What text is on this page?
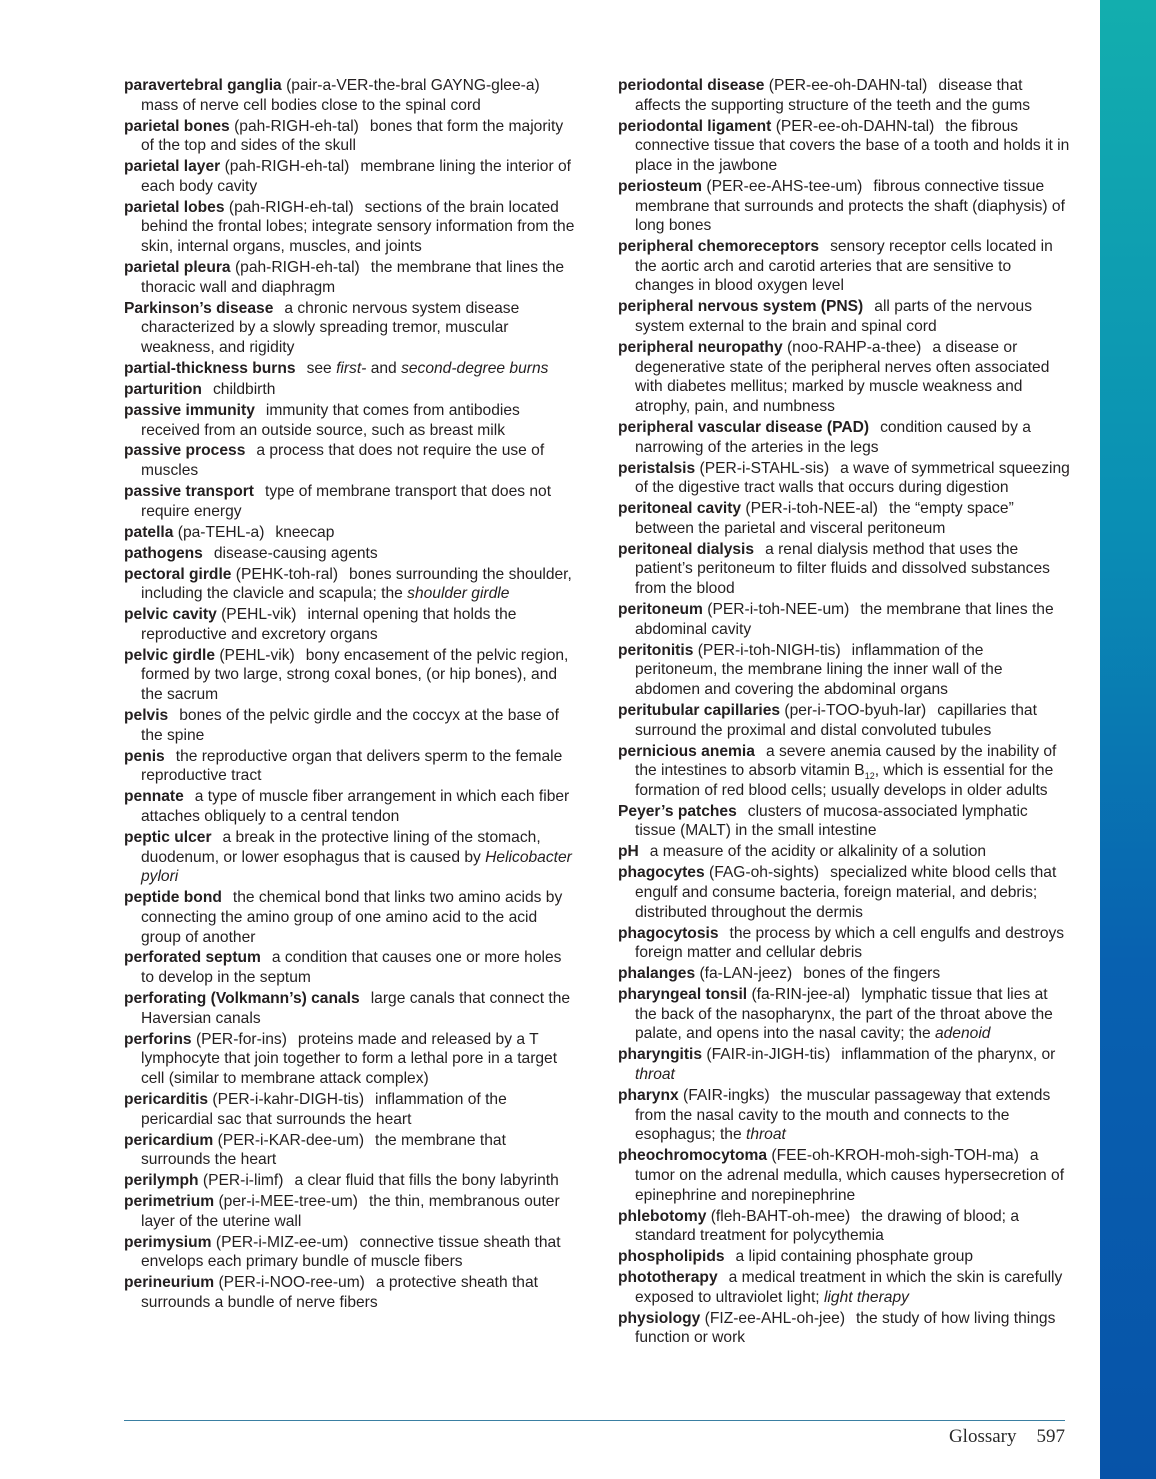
paravertebral ganglia (pair-a-VER-the-bral GAYNG-glee-a)mass of nerve cell bodies close to the spinal cord

parietal bones (pah-RIGH-eh-tal) bones that form the majority of the top and sides of the skull

parietal layer (pah-RIGH-eh-tal) membrane lining the interior of each body cavity

parietal lobes (pah-RIGH-eh-tal) sections of the brain located behind the frontal lobes; integrate sensory information from the skin, internal organs, muscles, and joints

parietal pleura (pah-RIGH-eh-tal) the membrane that lines the thoracic wall and diaphragm

Parkinson’s disease a chronic nervous system disease characterized by a slowly spreading tremor, muscular weakness, and rigidity

partial-thickness burns see first- and second-degree burns

parturition childbirth

passive immunity immunity that comes from antibodies received from an outside source, such as breast milk

passive process a process that does not require the use of muscles

passive transport type of membrane transport that does not require energy

patella (pa-TEHL-a) kneecap

pathogens disease-causing agents

pectoral girdle (PEHK-toh-ral) bones surrounding the shoulder, including the clavicle and scapula; the shoulder girdle

pelvic cavity (PEHL-vik) internal opening that holds the reproductive and excretory organs

pelvic girdle (PEHL-vik) bony encasement of the pelvic region, formed by two large, strong coxal bones, (or hip bones), and the sacrum

pelvis bones of the pelvic girdle and the coccyx at the base of the spine

penis the reproductive organ that delivers sperm to the female reproductive tract

pennate a type of muscle fiber arrangement in which each fiber attaches obliquely to a central tendon

peptic ulcer a break in the protective lining of the stomach, duodenum, or lower esophagus that is caused by Helicobacter pylori

peptide bond the chemical bond that links two amino acids by connecting the amino group of one amino acid to the acid group of another

perforated septum a condition that causes one or more holes to develop in the septum

perforating (Volkmann’s) canals large canals that connect the Haversian canals

perforins (PER-for-ins) proteins made and released by a T lymphocyte that join together to form a lethal pore in a target cell (similar to membrane attack complex)

pericarditis (PER-i-kahr-DIGH-tis) inflammation of the pericardial sac that surrounds the heart

pericardium (PER-i-KAR-dee-um) the membrane that surrounds the heart

perilymph (PER-i-limf) a clear fluid that fills the bony labyrinth

perimetrium (per-i-MEE-tree-um) the thin, membranous outer layer of the uterine wall

perimysium (PER-i-MIZ-ee-um) connective tissue sheath that envelops each primary bundle of muscle fibers

perineurium (PER-i-NOO-ree-um) a protective sheath that surrounds a bundle of nerve fibers

periodontal disease (PER-ee-oh-DAHN-tal) disease that affects the supporting structure of the teeth and the gums

periodontal ligament (PER-ee-oh-DAHN-tal) the fibrous connective tissue that covers the base of a tooth and holds it in place in the jawbone

periosteum (PER-ee-AHS-tee-um) fibrous connective tissue membrane that surrounds and protects the shaft (diaphysis) of long bones

peripheral chemoreceptors sensory receptor cells located in the aortic arch and carotid arteries that are sensitive to changes in blood oxygen level

peripheral nervous system (PNS) all parts of the nervous system external to the brain and spinal cord

peripheral neuropathy (noo-RAHP-a-thee) a disease or degenerative state of the peripheral nerves often associated with diabetes mellitus; marked by muscle weakness and atrophy, pain, and numbness

peripheral vascular disease (PAD) condition caused by a narrowing of the arteries in the legs

peristalsis (PER-i-STAHL-sis) a wave of symmetrical squeezing of the digestive tract walls that occurs during digestion

peritoneal cavity (PER-i-toh-NEE-al) the “empty space” between the parietal and visceral peritoneum

peritoneal dialysis a renal dialysis method that uses the patient’s peritoneum to filter fluids and dissolved substances from the blood

peritoneum (PER-i-toh-NEE-um) the membrane that lines the abdominal cavity

peritonitis (PER-i-toh-NIGH-tis) inflammation of the peritoneum, the membrane lining the inner wall of the abdomen and covering the abdominal organs

peritubular capillaries (per-i-TOO-byuh-lar) capillaries that surround the proximal and distal convoluted tubules

pernicious anemia a severe anemia caused by the inability of the intestines to absorb vitamin $B_{12}$, which is essential for the formation of red blood cells; usually develops in older adults

Peyer’s patches clusters of mucosa-associated lymphatic tissue (MALT) in the small intestine

pH a measure of the acidity or alkalinity of a solution

phagocytes (FAG-oh-sights) specialized white blood cells that engulf and consume bacteria, foreign material, and debris; distributed throughout the dermis

phagocytosis the process by which a cell engulfs and destroys foreign matter and cellular debris

phalanges (fa-LAN-jeez) bones of the fingers

pharyngeal tonsil (fa-RIN-jee-al) lymphatic tissue that lies at the back of the nasopharynx, the part of the throat above the palate, and opens into the nasal cavity; the adenoid

pharyngitis (FAIR-in-JIGH-tis) inflammation of the pharynx, or throat

pharynx (FAIR-ingks) the muscular passageway that extends from the nasal cavity to the mouth and connects to the esophagus; the throat

pheochromocytoma (FEE-oh-KROH-moh-sigh-TOH-ma) a tumor on the adrenal medulla, which causes hypersecretion of epinephrine and norepinephrine

phlebotomy (fleh-BAHT-oh-mee) the drawing of blood; a standard treatment for polycythemia

phospholipids a lipid containing phosphate group

phototherapy a medical treatment in which the skin is carefully exposed to ultraviolet light; light therapy

physiology (FIZ-ee-AHL-oh-jee) the study of how living things function or work

Glossary 597
